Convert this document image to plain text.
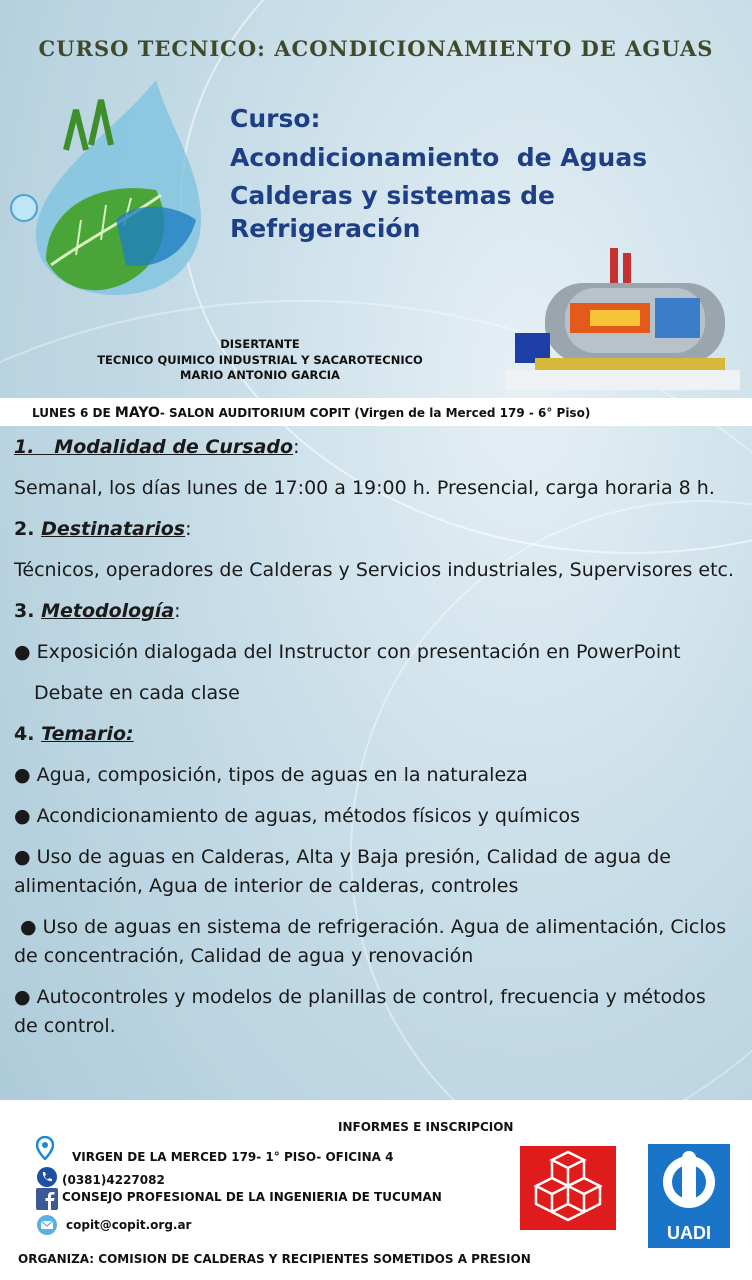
CURSO TECNICO: ACONDICIONAMIENTO DE AGUAS
Curso:
Acondicionamiento  de Aguas
Calderas y sistemas de
Refrigeración
DISERTANTE
TECNICO QUIMICO INDUSTRIAL Y SACAROTECNICO
MARIO ANTONIO GARCIA
LUNES 6 DE MAYO- SALON AUDITORIUM COPIT (Virgen de la Merced 179 - 6° Piso)
1.   Modalidad de Cursado:
Semanal, los días lunes de 17:00 a 19:00 h. Presencial, carga horaria 8 h.
2. Destinatarios:
Técnicos, operadores de Calderas y Servicios industriales, Supervisores etc.
3. Metodología:
● Exposición dialogada del Instructor con presentación en PowerPoint
Debate en cada clase
4. Temario:
● Agua, composición, tipos de aguas en la naturaleza
● Acondicionamiento de aguas, métodos físicos y químicos
● Uso de aguas en Calderas, Alta y Baja presión, Calidad de agua de alimentación, Agua de interior de calderas, controles
● Uso de aguas en sistema de refrigeración. Agua de alimentación, Ciclos de concentración, Calidad de agua y renovación
● Autocontroles y modelos de planillas de control, frecuencia y métodos de control.
INFORMES E INSCRIPCION
VIRGEN DE LA MERCED 179- 1° PISO- OFICINA 4
(0381)4227082
CONSEJO PROFESIONAL DE LA INGENIERIA DE TUCUMAN
copit@copit.org.ar	UADI
ORGANIZA: COMISION DE CALDERAS Y RECIPIENTES SOMETIDOS A PRESION
